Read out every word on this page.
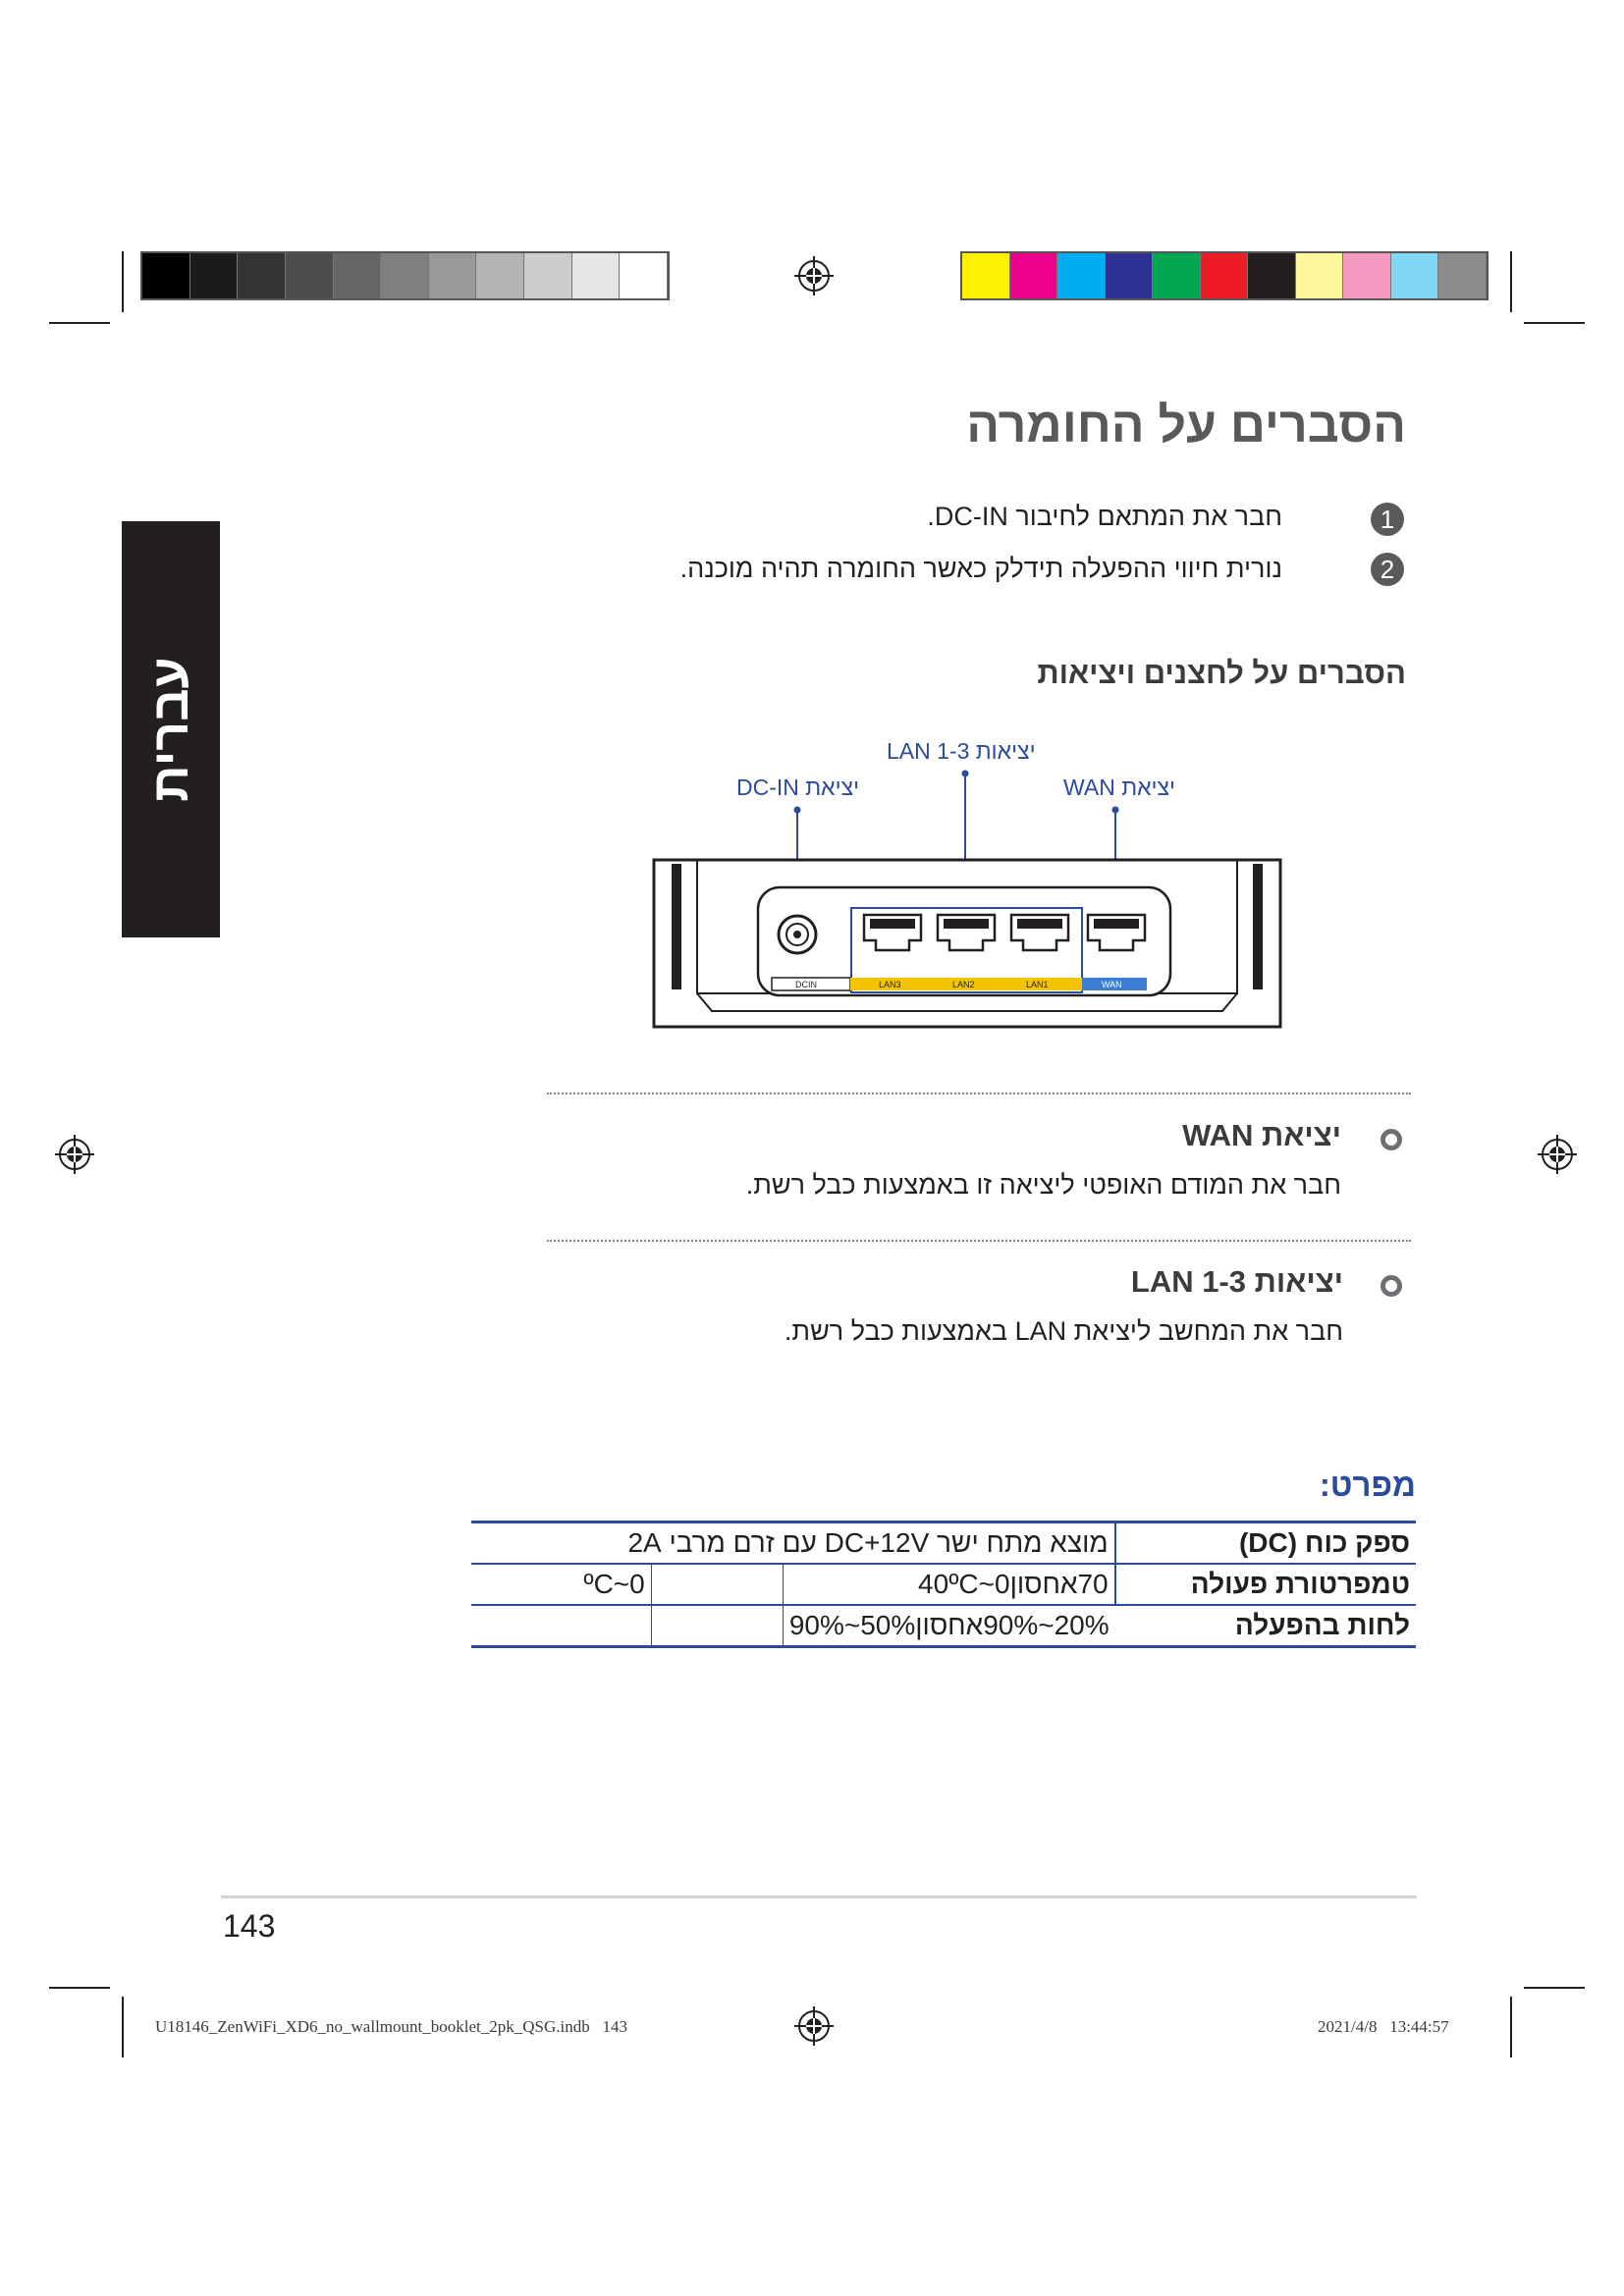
עברית
הסברים על החומרה
1
חבר את המתאם לחיבור DC-IN.
2
נורית חיווי ההפעלה תידלק כאשר החומרה תהיה מוכנה.
הסברים על לחצנים ויציאות
יציאות LAN 1-3
יציאת DC-IN	יציאת WAN
DCIN	LAN3	LAN2	LAN1	WAN
יציאת WAN
חבר את המודם האופטי ליציאה זו באמצעות כבל רשת.
יציאות LAN 1-3
חבר את המחשב ליציאת LAN באמצעות כבל רשת.
מפרט:
מוצא מתח ישר DC+12V עם זרם מרבי 2A			ספק כוח (DC)
ºC~0		70אחסון40ºC~0	טמפרטורת פעולה
		20%~90%אחסון50%~90%	לחות בהפעלה
143
U18146_ZenWiFi_XD6_no_wallmount_booklet_2pk_QSG.indb   143	2021/4/8   13:44:57
